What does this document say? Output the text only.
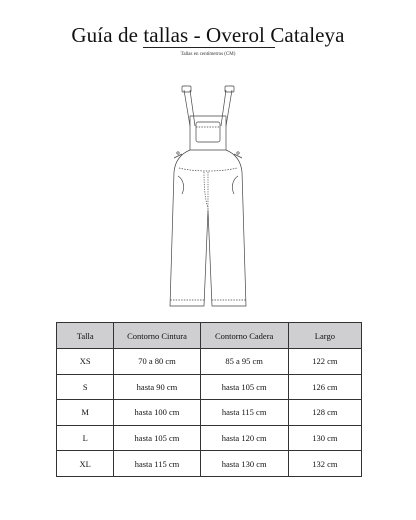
Guía de tallas - Overol Cataleya
Tallas en centímetros (CM)
Talla	Contorno Cintura	Contorno Cadera	Largo
XS	70 a 80 cm	85 a 95 cm	122 cm
S	hasta 90 cm	hasta 105 cm	126 cm
M	hasta 100 cm	hasta 115 cm	128 cm
L	hasta 105 cm	hasta 120 cm	130 cm
XL	hasta 115 cm	hasta 130 cm	132 cm
